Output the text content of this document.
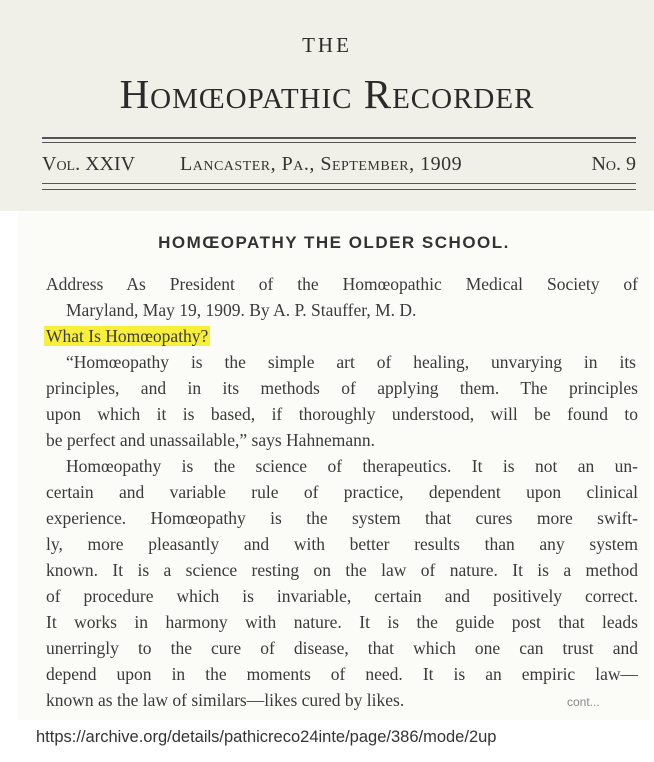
THE
Homœopathic Recorder
Vol. XXIV Lancaster, Pa., September, 1909	No. 9
HOMŒOPATHY THE OLDER SCHOOL.
Address As President of the Homœopathic Medical Society of
Maryland, May 19, 1909. By A. P. Stauffer, M. D.
What Is Homœopathy?
“Homœopathy is the simple art of healing, unvarying in its
principles, and in its methods of applying them. The principles
upon which it is based, if thoroughly understood, will be found to
be perfect and unassailable,” says Hahnemann.
Homœopathy is the science of therapeutics. It is not an un-
certain and variable rule of practice, dependent upon clinical
experience. Homœopathy is the system that cures more swift-
ly, more pleasantly and with better results than any system
known. It is a science resting on the law of nature. It is a method
of procedure which is invariable, certain and positively correct.
It works in harmony with nature. It is the guide post that leads
unerringly to the cure of disease, that which one can trust and
depend upon in the moments of need. It is an empiric law—
known as the law of similars—likes cured by likes.	cont...
https://archive.org/details/pathicreco24inte/page/386/mode/2up
